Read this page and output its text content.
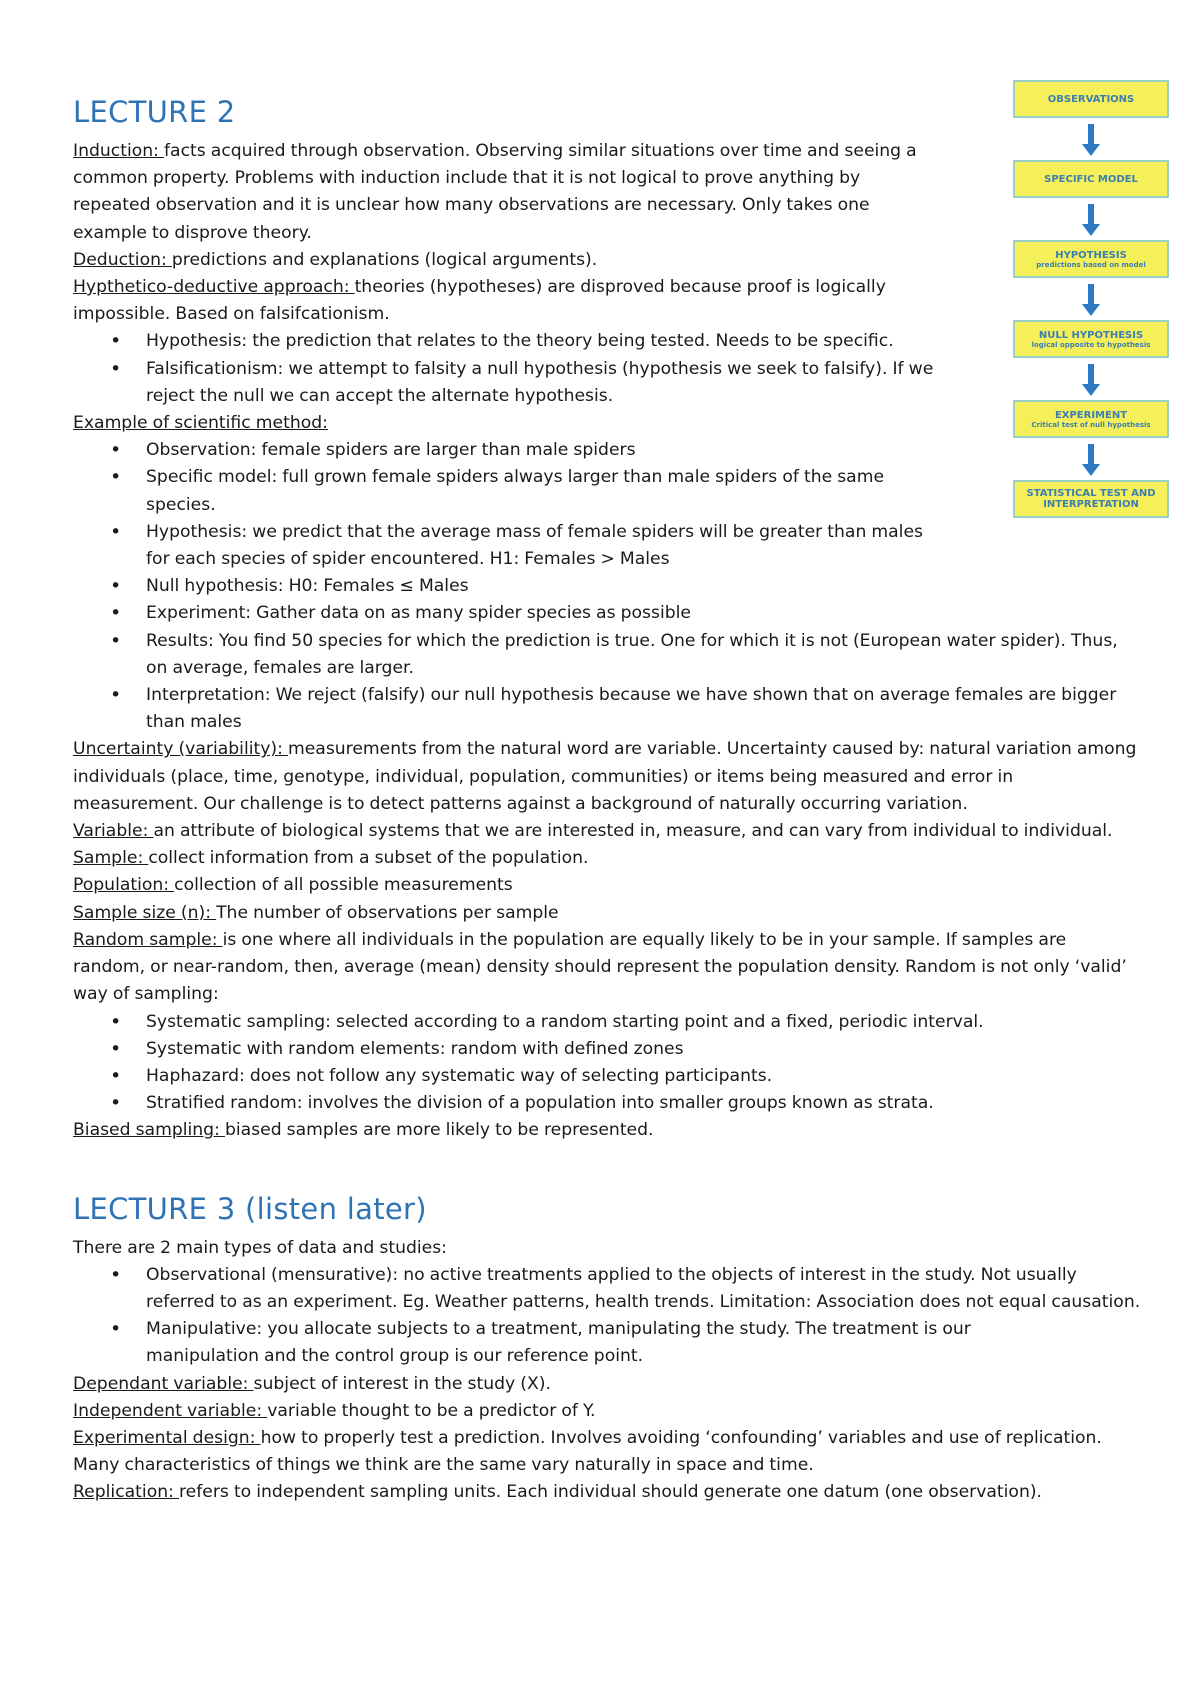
OBSERVATIONS
SPECIFIC MODEL
HYPOTHESIS
predictions based on model
NULL HYPOTHESIS
logical opposite to hypothesis
EXPERIMENT
Critical test of null hypothesis
STATISTICAL TEST AND INTERPRETATION
LECTURE 2

Induction: facts acquired through observation. Observing similar situations over time and seeing a

common property. Problems with induction include that it is not logical to prove anything by

repeated observation and it is unclear how many observations are necessary. Only takes one

example to disprove theory.

Deduction: predictions and explanations (logical arguments).

Hypthetico-deductive approach: theories (hypotheses) are disproved because proof is logically

impossible. Based on falsifcationism.

• Hypothesis: the prediction that relates to the theory being tested. Needs to be specific.
• Falsificationism: we attempt to falsity a null hypothesis (hypothesis we seek to falsify). If we reject the null we can accept the alternate hypothesis.

Example of scientific method:

• Observation: female spiders are larger than male spiders
• Specific model: full grown female spiders always larger than male spiders of the same species.
• Hypothesis: we predict that the average mass of female spiders will be greater than males for each species of spider encountered. H1: Females > Males
• Null hypothesis: H0: Females ≤ Males
• Experiment: Gather data on as many spider species as possible
• Results: You find 50 species for which the prediction is true. One for which it is not (European water spider). Thus, on average, females are larger.
• Interpretation: We reject (falsify) our null hypothesis because we have shown that on average females are bigger than males

Uncertainty (variability): measurements from the natural word are variable. Uncertainty caused by: natural variation among individuals (place, time, genotype, individual, population, communities) or items being measured and error in measurement. Our challenge is to detect patterns against a background of naturally occurring variation.

Variable: an attribute of biological systems that we are interested in, measure, and can vary from individual to individual.

Sample: collect information from a subset of the population.

Population: collection of all possible measurements

Sample size (n): The number of observations per sample

Random sample: is one where all individuals in the population are equally likely to be in your sample. If samples are random, or near-random, then, average (mean) density should represent the population density. Random is not only ‘valid’ way of sampling:

• Systematic sampling: selected according to a random starting point and a fixed, periodic interval.
• Systematic with random elements: random with defined zones
• Haphazard: does not follow any systematic way of selecting participants.
• Stratified random: involves the division of a population into smaller groups known as strata.

Biased sampling: biased samples are more likely to be represented.

LECTURE 3 (listen later)

There are 2 main types of data and studies:

• Observational (mensurative): no active treatments applied to the objects of interest in the study. Not usually referred to as an experiment. Eg. Weather patterns, health trends. Limitation: Association does not equal causation.
• Manipulative: you allocate subjects to a treatment, manipulating the study. The treatment is our manipulation and the control group is our reference point.

Dependant variable: subject of interest in the study (X).

Independent variable: variable thought to be a predictor of Y.

Experimental design: how to properly test a prediction. Involves avoiding ‘confounding’ variables and use of replication.

Many characteristics of things we think are the same vary naturally in space and time.

Replication: refers to independent sampling units. Each individual should generate one datum (one observation).
